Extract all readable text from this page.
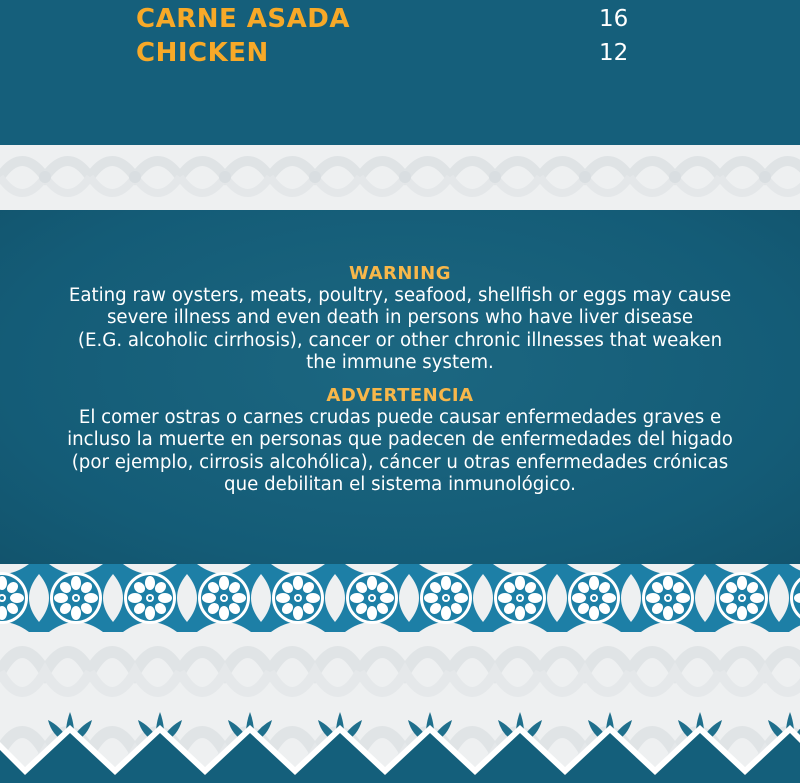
CARNE ASADA	16
CHICKEN	12
WARNING
Eating raw oysters, meats, poultry, seafood, shellfish or eggs may cause
severe illness and even death in persons who have liver disease
(E.G. alcoholic cirrhosis), cancer or other chronic illnesses that weaken
the immune system.
ADVERTENCIA
El comer ostras o carnes crudas puede causar enfermedades graves e
incluso la muerte en personas que padecen de enfermedades del higado
(por ejemplo, cirrosis alcohólica), cáncer u otras enfermedades crónicas
que debilitan el sistema inmunológico.
